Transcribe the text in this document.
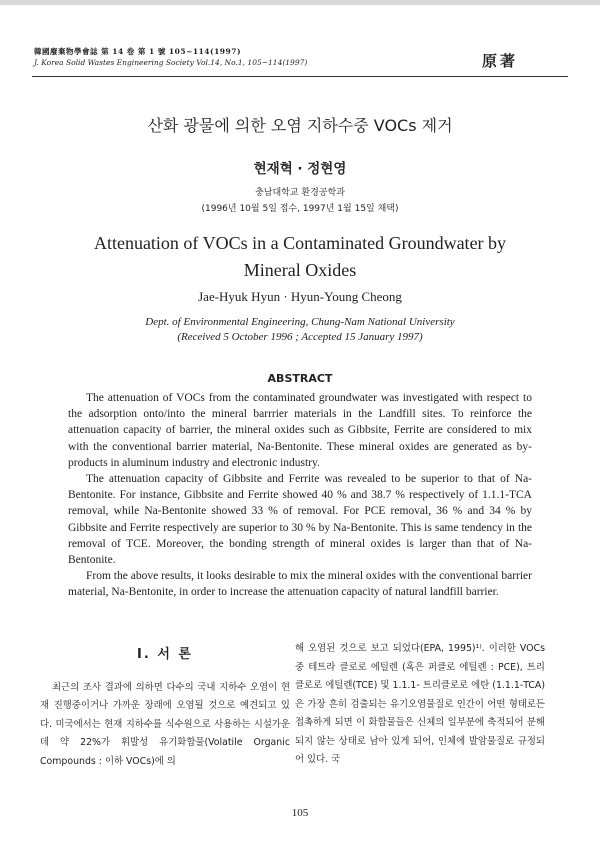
韓國廢棄物學會誌 第 14 卷 第 1 號 105~114(1997)
J. Korea Solid Wastes Engineering Society Vol.14, No.1, 105~114(1997)	原著
산화 광물에 의한 오염 지하수중 VOCs 제거
현재혁 · 정현영
충남대학교 환경공학과
(1996년 10월 5일 접수, 1997년 1월 15일 채택)
Attenuation of VOCs in a Contaminated Groundwater by
Mineral Oxides
Jae-Hyuk Hyun · Hyun-Young Cheong
Dept. of Environmental Engineering, Chung-Nam National University
(Received 5 October 1996 ; Accepted 15 January 1997)
ABSTRACT

The attenuation of VOCs from the contaminated groundwater was investigated with respect to the adsorption onto/into the mineral barrrier materials in the Landfill sites. To reinforce the attenuation capacity of barrier, the mineral oxides such as Gibbsite, Ferrite are considered to mix with the conventional barrier material, Na-Bentonite. These mineral oxides are generated as by-products in aluminum industry and electronic industry.

The attenuation capacity of Gibbsite and Ferrite was revealed to be superior to that of Na-Bentonite. For instance, Gibbsite and Ferrite showed 40 % and 38.7 % respectively of 1.1.1-TCA removal, while Na-Bentonite showed 33 % of removal. For PCE removal, 36 % and 34 % by Gibbsite and Ferrite respectively are superior to 30 % by Na-Bentonite. This is same tendency in the removal of TCE. Moreover, the bonding strength of mineral oxides is larger than that of Na-Bentonite.

From the above results, it looks desirable to mix the mineral oxides with the conventional barrier material, Na-Bentonite, in order to increase the attenuation capacity of natural landfill barrier.

Ⅰ. 서 론

최근의 조사 결과에 의하면 다수의 국내 지하수 오염이 현재 진행중이거나 가까운 장래에 오염될 것으로 예견되고 있다. 미국에서는 현재 지하수를 식수원으로 사용하는 시설가운데 약 22%가 휘발성 유기화합물(Volatile Organic Compounds : 이하 VOCs)에 의

해 오염된 것으로 보고 되었다(EPA, 1995)¹⁾. 이러한 VOCs중 테트라 클로로 에틸렌 (혹은 퍼클로 에틸렌 : PCE), 트리 클로로 에틸렌(TCE) 및 1.1.1- 트리클로로 에탄 (1.1.1-TCA)은 가장 흔히 검출되는 유기오염물질로 인간이 어떤 형태로든 접촉하게 되면 이 화합물들은 신체의 일부분에 축적되어 분해되지 않는 상태로 남아 있게 되어, 인체에 발암물질로 규정되어 있다. 국

105
